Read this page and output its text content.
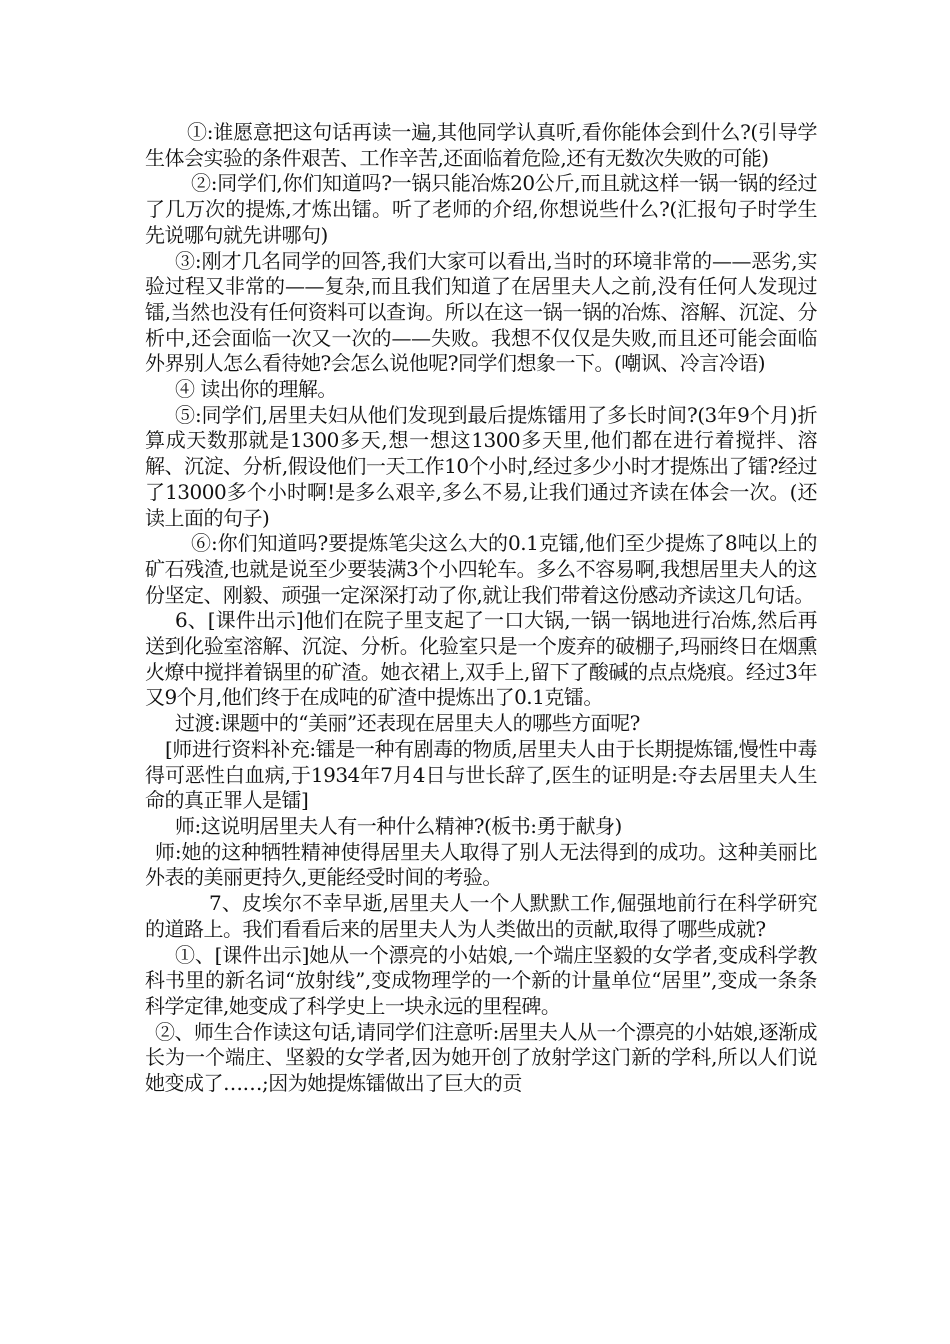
①:谁愿意把这句话再读一遍,其他同学认真听,看你能体会到什么?(引导学生体会实验的条件艰苦、工作辛苦,还面临着危险,还有无数次失败的可能)

②:同学们,你们知道吗?一锅只能冶炼20公斤,而且就这样一锅一锅的经过了几万次的提炼,才炼出镭。听了老师的介绍,你想说些什么?(汇报句子时学生先说哪句就先讲哪句)

③:刚才几名同学的回答,我们大家可以看出,当时的环境非常的——恶劣,实验过程又非常的——复杂,而且我们知道了在居里夫人之前,没有任何人发现过镭,当然也没有任何资料可以查询。所以在这一锅一锅的冶炼、溶解、沉淀、分析中,还会面临一次又一次的——失败。我想不仅仅是失败,而且还可能会面临外界别人怎么看待她?会怎么说他呢?同学们想象一下。(嘲讽、冷言冷语)

④ 读出你的理解。

⑤:同学们,居里夫妇从他们发现到最后提炼镭用了多长时间?(3年9个月)折算成天数那就是1300多天,想一想这1300多天里,他们都在进行着搅拌、溶解、沉淀、分析,假设他们一天工作10个小时,经过多少小时才提炼出了镭?经过了13000多个小时啊!是多么艰辛,多么不易,让我们通过齐读在体会一次。(还读上面的句子)

⑥:你们知道吗?要提炼笔尖这么大的0.1克镭,他们至少提炼了8吨以上的矿石残渣,也就是说至少要装满3个小四轮车。多么不容易啊,我想居里夫人的这份坚定、刚毅、顽强一定深深打动了你,就让我们带着这份感动齐读这几句话。

6、[课件出示]他们在院子里支起了一口大锅,一锅一锅地进行冶炼,然后再送到化验室溶解、沉淀、分析。化验室只是一个废弃的破棚子,玛丽终日在烟熏火燎中搅拌着锅里的矿渣。她衣裙上,双手上,留下了酸碱的点点烧痕。经过3年又9个月,他们终于在成吨的矿渣中提炼出了0.1克镭。

过渡:课题中的“美丽”还表现在居里夫人的哪些方面呢?

[师进行资料补充:镭是一种有剧毒的物质,居里夫人由于长期提炼镭,慢性中毒得可恶性白血病,于1934年7月4日与世长辞了,医生的证明是:夺去居里夫人生命的真正罪人是镭]

师:这说明居里夫人有一种什么精神?(板书:勇于献身)

师:她的这种牺牲精神使得居里夫人取得了别人无法得到的成功。这种美丽比外表的美丽更持久,更能经受时间的考验。

7、皮埃尔不幸早逝,居里夫人一个人默默工作,倔强地前行在科学研究的道路上。我们看看后来的居里夫人为人类做出的贡献,取得了哪些成就?

①、[课件出示]她从一个漂亮的小姑娘,一个端庄坚毅的女学者,变成科学教科书里的新名词“放射线”,变成物理学的一个新的计量单位“居里”,变成一条条科学定律,她变成了科学史上一块永远的里程碑。

②、师生合作读这句话,请同学们注意听:居里夫人从一个漂亮的小姑娘,逐渐成长为一个端庄、坚毅的女学者,因为她开创了放射学这门新的学科,所以人们说她变成了……;因为她提炼镭做出了巨大的贡
